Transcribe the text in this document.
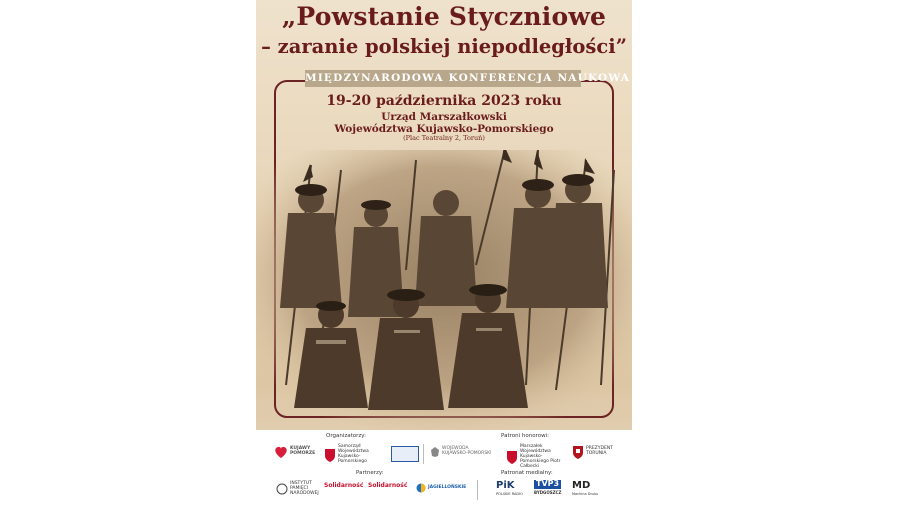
„Powstanie Styczniowe
– zaranie polskiej niepodległości”
MIĘDZYNARODOWA KONFERENCJA NAUKOWA
19-20 października 2023 roku
Urząd Marszałkowski
Województwa Kujawsko-Pomorskiego
(Plac Teatralny 2, Toruń)
Organizatorzy:	Patroni honorowi:
KUJAWY POMORZE
Samorząd Województwa Kujawsko-Pomorskiego
WOJEWODA KUJAWSKO-POMORSKI
Marszałek Województwa Kujawsko-Pomorskiego Piotr Całbecki
PREZYDENT TORUNIA
Partnerzy:	Patronat medialny:
INSTYTUT PAMIĘCI NARODOWEJ
Solidarność Solidarność	JAGIELLOŃSKIE	PiK
POLSKIE RADIO
TVP3
BYDGOSZCZ
MD
Machina Druku
